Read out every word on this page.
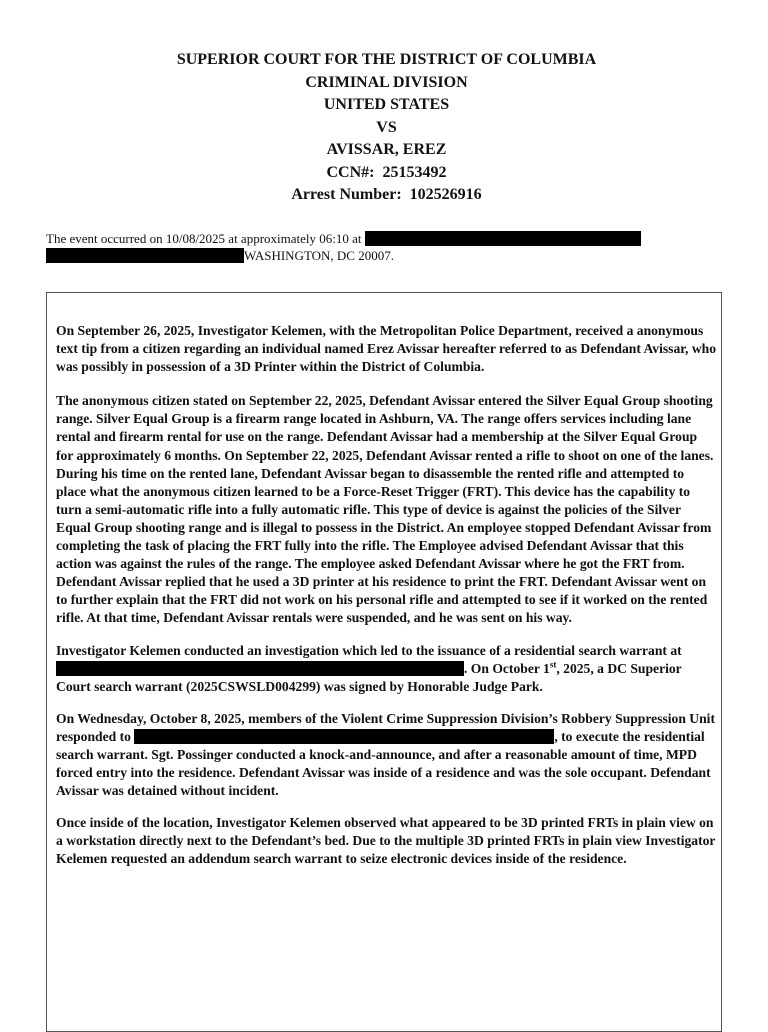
SUPERIOR COURT FOR THE DISTRICT OF COLUMBIA
CRIMINAL DIVISION
UNITED STATES
VS
AVISSAR, EREZ
CCN#: 25153492
Arrest Number: 102526916
The event occurred on 10/08/2025 at approximately 06:10 at
WASHINGTON, DC 20007.

On September 26, 2025, Investigator Kelemen, with the Metropolitan Police Department, received a anonymous text tip from a citizen regarding an individual named Erez Avissar hereafter referred to as Defendant Avissar, who was possibly in possession of a 3D Printer within the District of Columbia.

The anonymous citizen stated on September 22, 2025, Defendant Avissar entered the Silver Equal Group shooting range. Silver Equal Group is a firearm range located in Ashburn, VA. The range offers services including lane rental and firearm rental for use on the range. Defendant Avissar had a membership at the Silver Equal Group for approximately 6 months. On September 22, 2025, Defendant Avissar rented a rifle to shoot on one of the lanes. During his time on the rented lane, Defendant Avissar began to disassemble the rented rifle and attempted to place what the anonymous citizen learned to be a Force-Reset Trigger (FRT). This device has the capability to turn a semi-automatic rifle into a fully automatic rifle. This type of device is against the policies of the Silver Equal Group shooting range and is illegal to possess in the District. An employee stopped Defendant Avissar from completing the task of placing the FRT fully into the rifle. The Employee advised Defendant Avissar that this action was against the rules of the range. The employee asked Defendant Avissar where he got the FRT from. Defendant Avissar replied that he used a 3D printer at his residence to print the FRT. Defendant Avissar went on to further explain that the FRT did not work on his personal rifle and attempted to see if it worked on the rented rifle. At that time, Defendant Avissar rentals were suspended, and he was sent on his way.

Investigator Kelemen conducted an investigation which led to the issuance of a residential search warrant at . On October 1st, 2025, a DC Superior Court search warrant (2025CSWSLD004299) was signed by Honorable Judge Park.

On Wednesday, October 8, 2025, members of the Violent Crime Suppression Division’s Robbery Suppression Unit responded to	, to execute the residential search warrant. Sgt. Possinger conducted a knock-and-announce, and after a reasonable amount of time, MPD forced entry into the residence. Defendant Avissar was inside of a residence and was the sole occupant. Defendant Avissar was detained without incident.

Once inside of the location, Investigator Kelemen observed what appeared to be 3D printed FRTs in plain view on a workstation directly next to the Defendant’s bed. Due to the multiple 3D printed FRTs in plain view Investigator Kelemen requested an addendum search warrant to seize electronic devices inside of the residence.
